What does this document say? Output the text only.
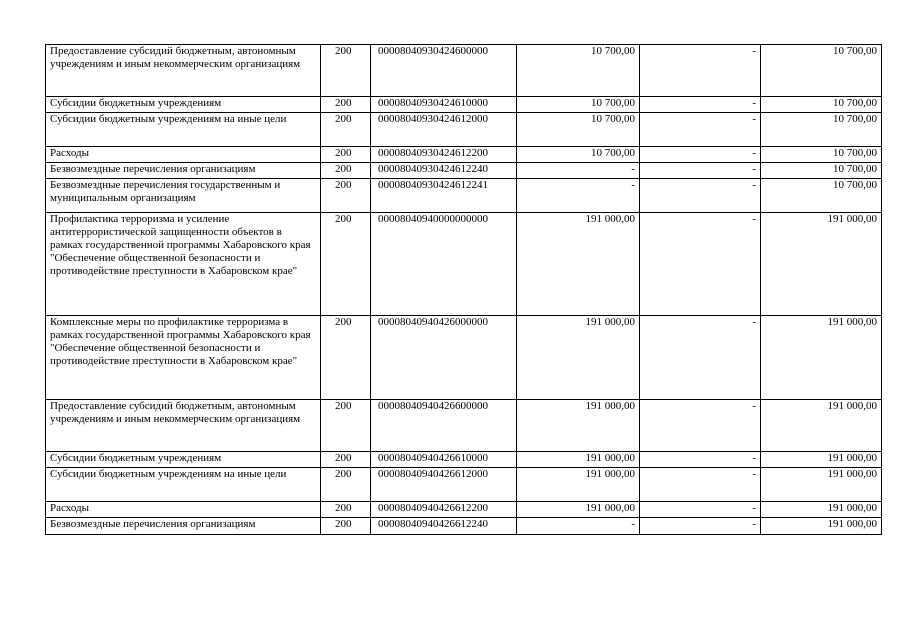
Предоставление субсидий бюджетным, автономным учреждениям и иным некоммерческим организациям	200	00008040930424600000	10 700,00	-	10 700,00
Субсидии бюджетным учреждениям	200	00008040930424610000	10 700,00	-	10 700,00
Субсидии бюджетным учреждениям на иные цели	200	00008040930424612000	10 700,00	-	10 700,00
Расходы	200	00008040930424612200	10 700,00	-	10 700,00
Безвозмездные перечисления организациям	200	00008040930424612240	-	-	10 700,00
Безвозмездные перечисления государственным и муниципальным организациям	200	00008040930424612241	-	-	10 700,00
Профилактика терроризма и усиление антитеррористической защищенности объектов в рамках государственной программы Хабаровского края "Обеспечение общественной безопасности и противодействие преступности в Хабаровском крае"	200	00008040940000000000	191 000,00	-	191 000,00
Комплексные меры по профилактике терроризма в рамках государственной программы Хабаровского края "Обеспечение общественной безопасности и противодействие преступности в Хабаровском крае"	200	00008040940426000000	191 000,00	-	191 000,00
Предоставление субсидий бюджетным, автономным учреждениям и иным некоммерческим организациям	200	00008040940426600000	191 000,00	-	191 000,00
Субсидии бюджетным учреждениям	200	00008040940426610000	191 000,00	-	191 000,00
Субсидии бюджетным учреждениям на иные цели	200	00008040940426612000	191 000,00	-	191 000,00
Расходы	200	00008040940426612200	191 000,00	-	191 000,00
Безвозмездные перечисления организациям	200	00008040940426612240	-	-	191 000,00
